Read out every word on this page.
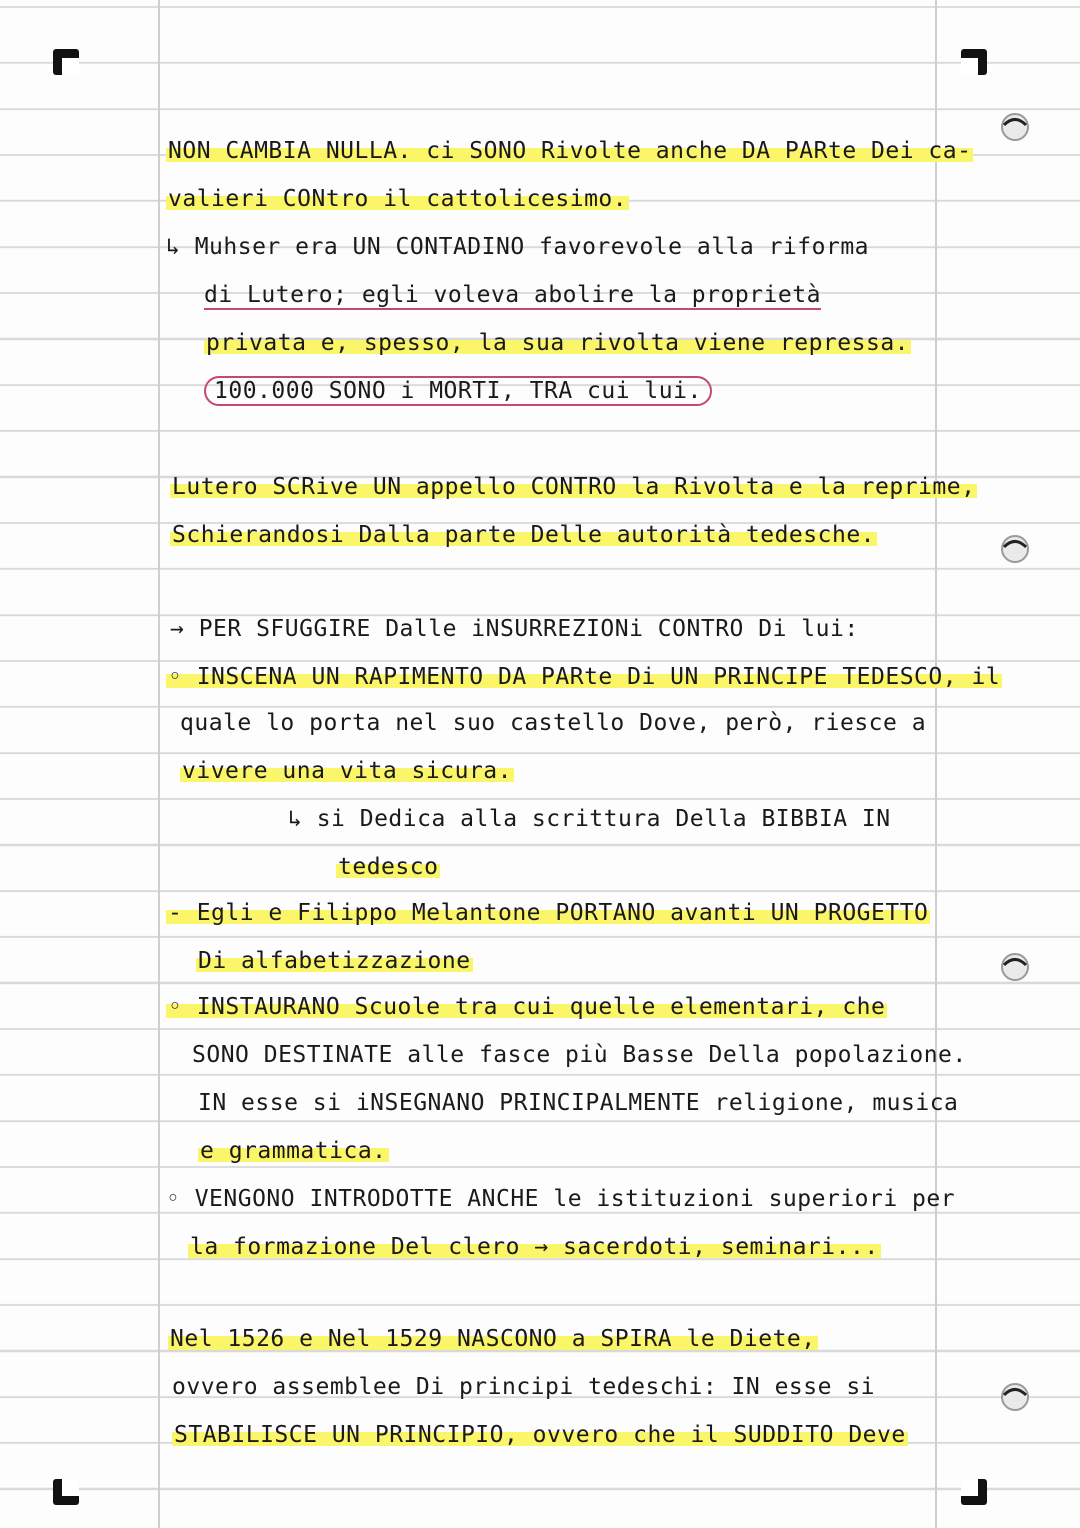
NON CAMBIA NULLA. ci SONO Rivolte anche DA PARte Dei ca-
valieri CONtro il cattolicesimo.
↳ Muhser era UN CONTADINO favorevole alla riforma
di Lutero; egli voleva abolire la proprietà
privata e, spesso, la sua rivolta viene repressa.
100.000 SONO i MORTI, TRA cui lui.
Lutero SCRive UN appello CONTRO la Rivolta e la reprime,
Schierandosi Dalla parte Delle autorità tedesche.
→ PER SFUGGIRE Dalle iNSURREZIONi CONTRO Di lui:
◦ INSCENA UN RAPIMENTO DA PARte Di UN PRINCIPE TEDESCO, il
quale lo porta nel suo castello Dove, però, riesce a
vivere una vita sicura.
↳ si Dedica alla scrittura Della BIBBIA IN
tedesco
- Egli e Filippo Melantone PORTANO avanti UN PROGETTO
Di alfabetizzazione
◦ INSTAURANO Scuole tra cui quelle elementari, che
SONO DESTINATE alle fasce più Basse Della popolazione.
IN esse si iNSEGNANO PRINCIPALMENTE religione, musica
e grammatica.
◦ VENGONO INTRODOTTE ANCHE le istituzioni superiori per
la formazione Del clero → sacerdoti, seminari...
Nel 1526 e Nel 1529 NASCONO a SPIRA le Diete,
ovvero assemblee Di principi tedeschi: IN esse si
STABILISCE UN PRINCIPIO, ovvero che il SUDDITO Deve
